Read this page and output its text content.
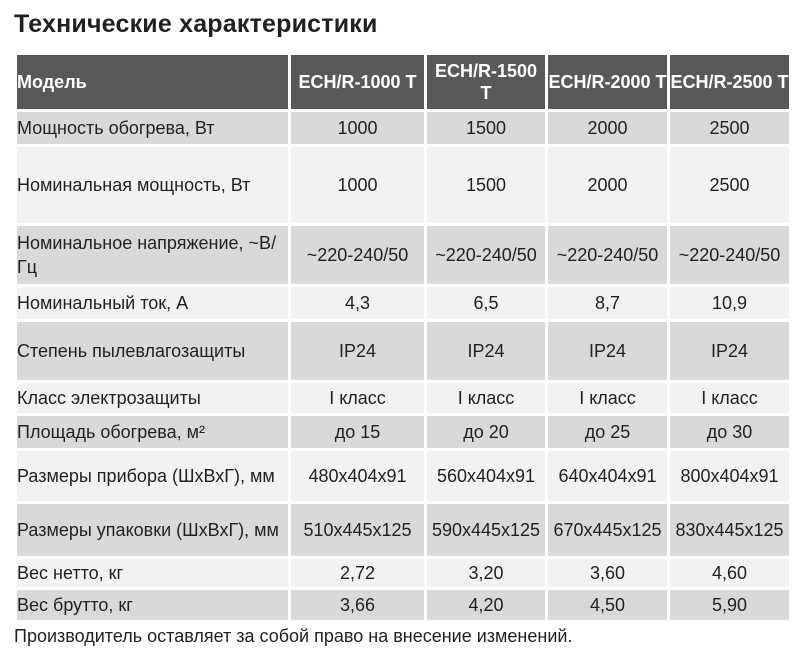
Технические характеристики
Модель	ECH/R-1000 T	ECH/R-1500 T	ECH/R-2000 T	ECH/R-2500 T
Мощность обогрева, Вт	1000	1500	2000	2500
Номинальная мощность, Вт	1000	1500	2000	2500
Номинальное напряжение, ~В/Гц	~220-240/50	~220-240/50	~220-240/50	~220-240/50
Номинальный ток, А	4,3	6,5	8,7	10,9
Степень пылевлагозащиты	IP24	IP24	IP24	IP24
Класс электрозащиты	I класс	I класс	I класс	I класс
Площадь обогрева, м²	до 15	до 20	до 25	до 30
Размеры прибора (ШхВхГ), мм	480x404x91	560x404x91	640x404x91	800x404x91
Размеры упаковки (ШхВхГ), мм	510x445x125	590x445x125	670x445x125	830x445x125
Вес нетто, кг	2,72	3,20	3,60	4,60
Вес брутто, кг	3,66	4,20	4,50	5,90
Производитель оставляет за собой право на внесение изменений.
